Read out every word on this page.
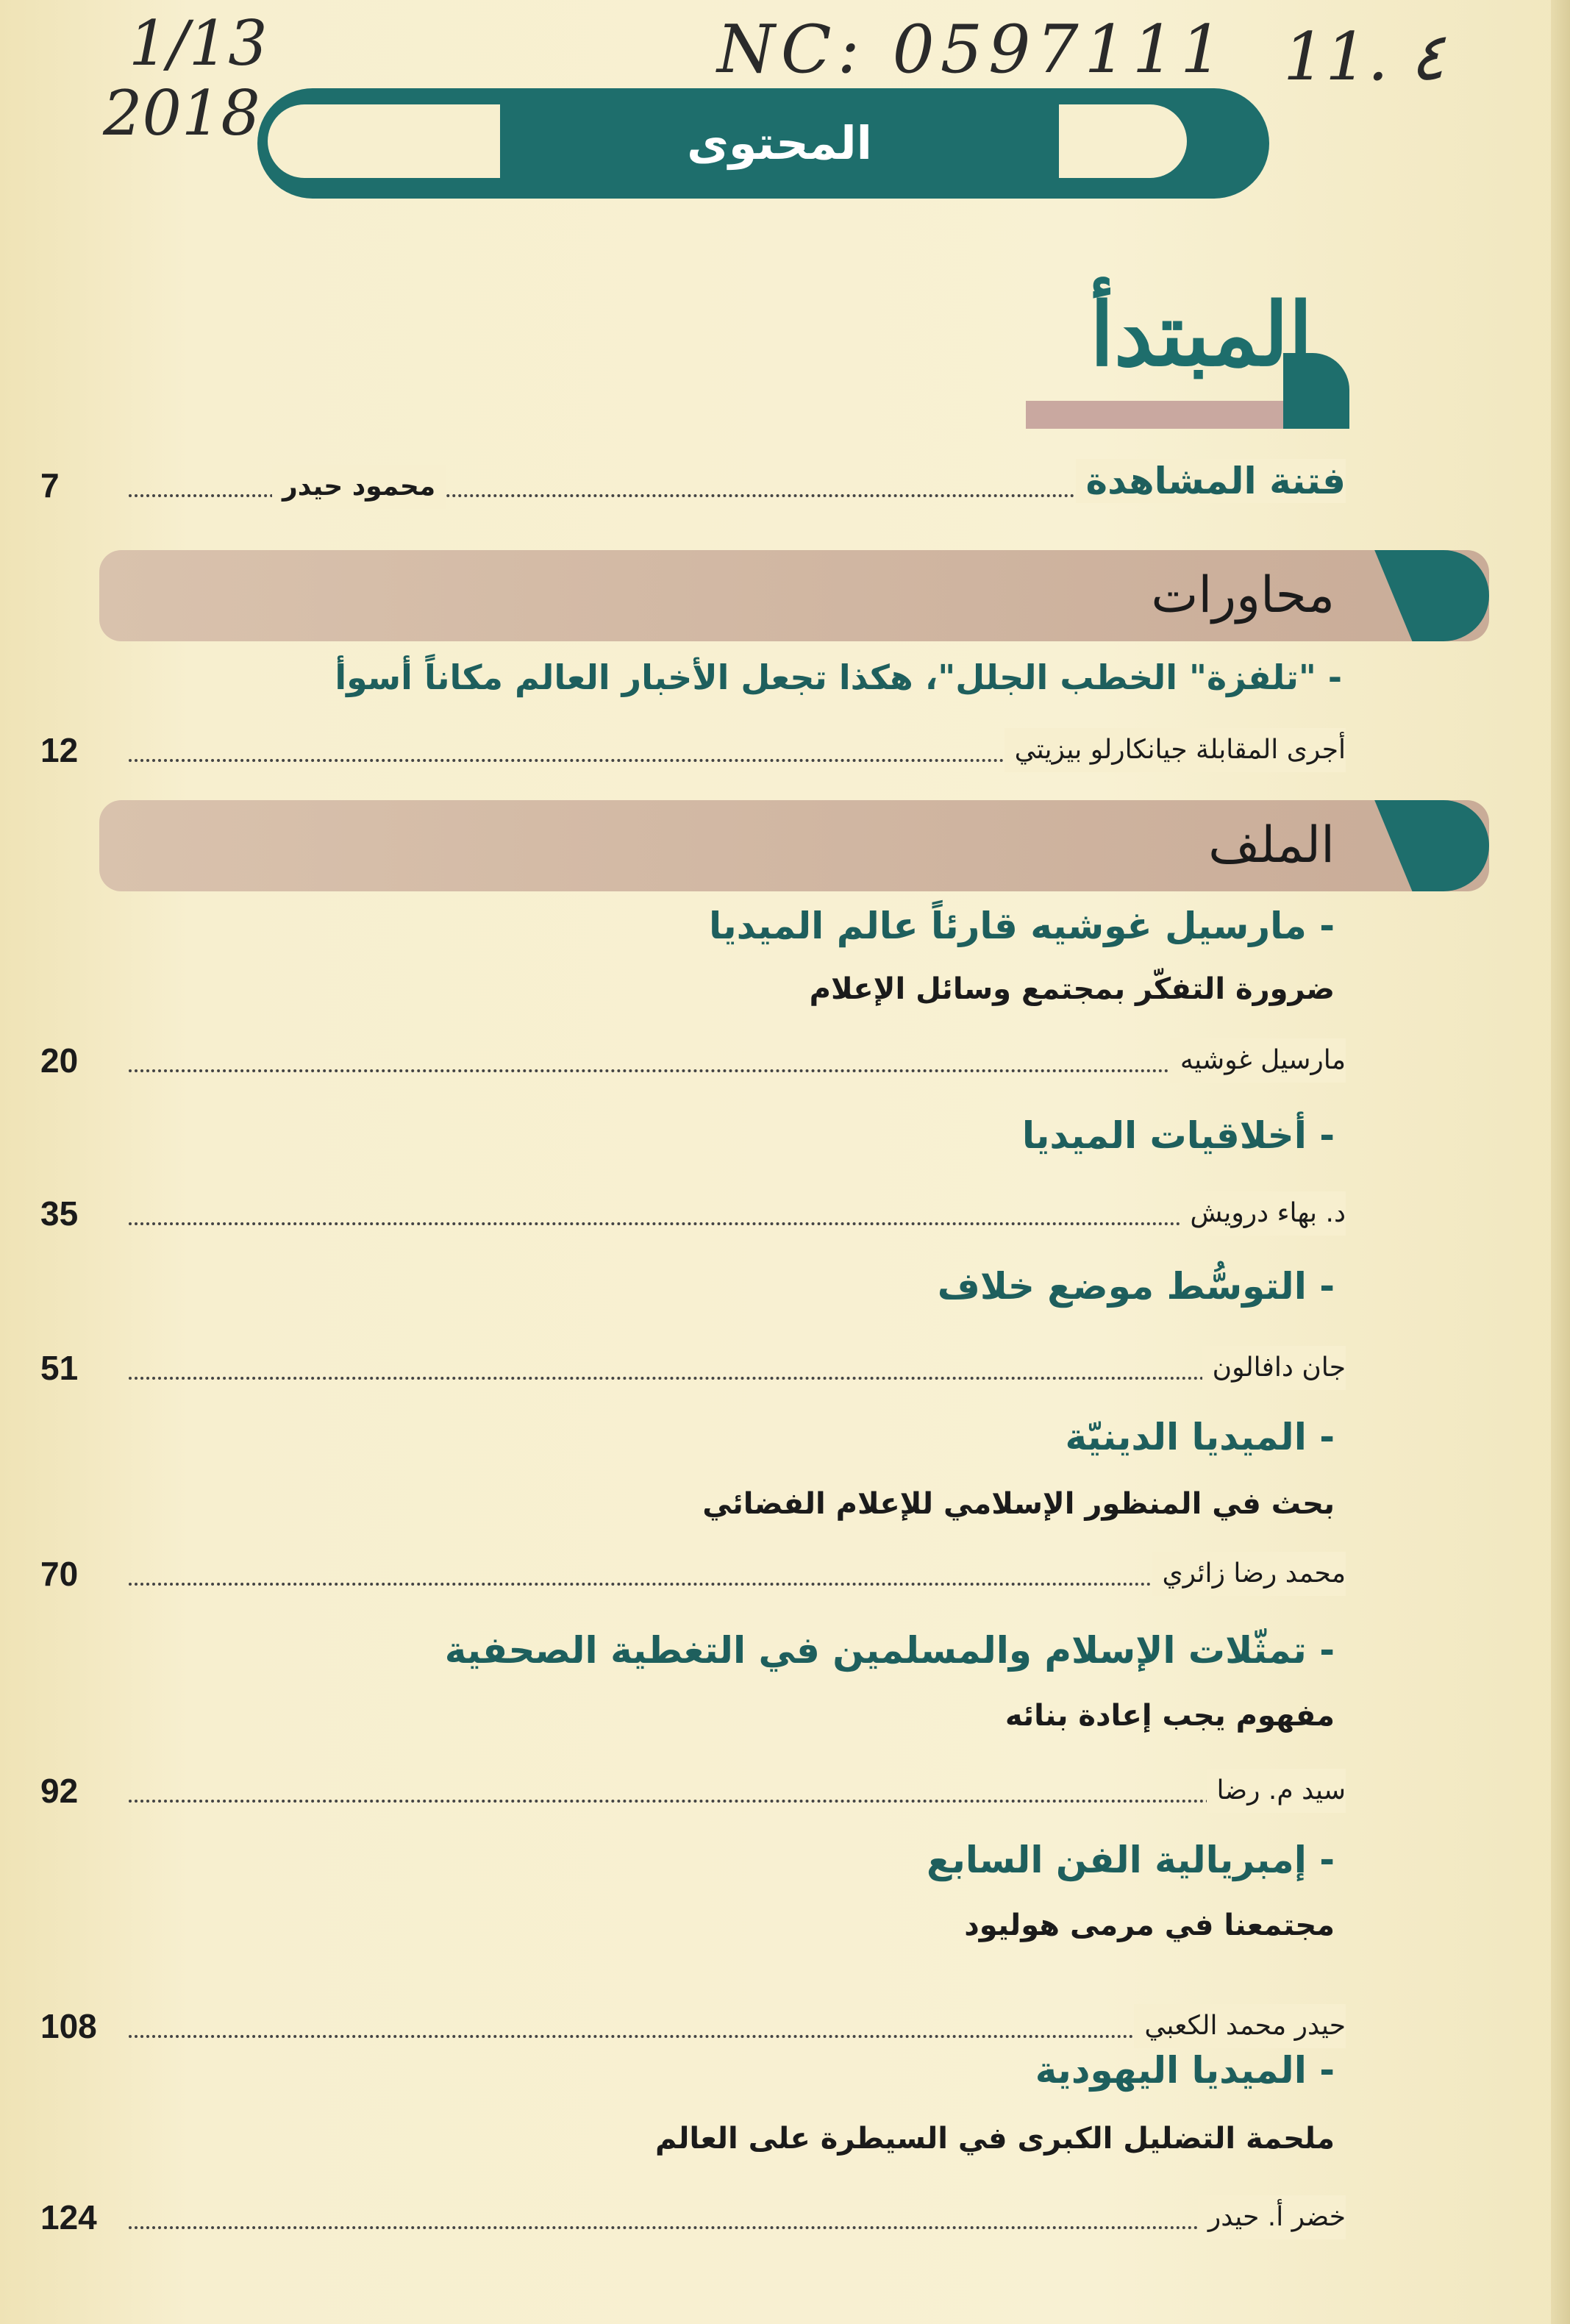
1/13
2018
NC: 0597111 11. ٤
المحتوى
المبتدأ
7	محمود حيدر	فتنة المشاهدة
محاورات
- "تلفزة" الخطب الجلل"، هكذا تجعل الأخبار العالم مكاناً أسوأ
12	أجرى المقابلة جيانكارلو بيزيتي
الملف
- مارسيل غوشيه قارئاً عالم الميديا
ضرورة التفكّر بمجتمع وسائل الإعلام
20	مارسيل غوشيه
- أخلاقيات الميديا
35	د. بهاء درويش
- التوسُّط موضع خلاف
51	جان دافالون
- الميديا الدينيّة
بحث في المنظور الإسلامي للإعلام الفضائي
70	محمد رضا زائري
- تمثّلات الإسلام والمسلمين في التغطية الصحفية
مفهوم يجب إعادة بنائه
92	سيد م. رضا
- إمبريالية الفن السابع
مجتمعنا في مرمى هوليود
108	حيدر محمد الكعبي
- الميديا اليهودية
ملحمة التضليل الكبرى في السيطرة على العالم
124	خضر أ. حيدر
